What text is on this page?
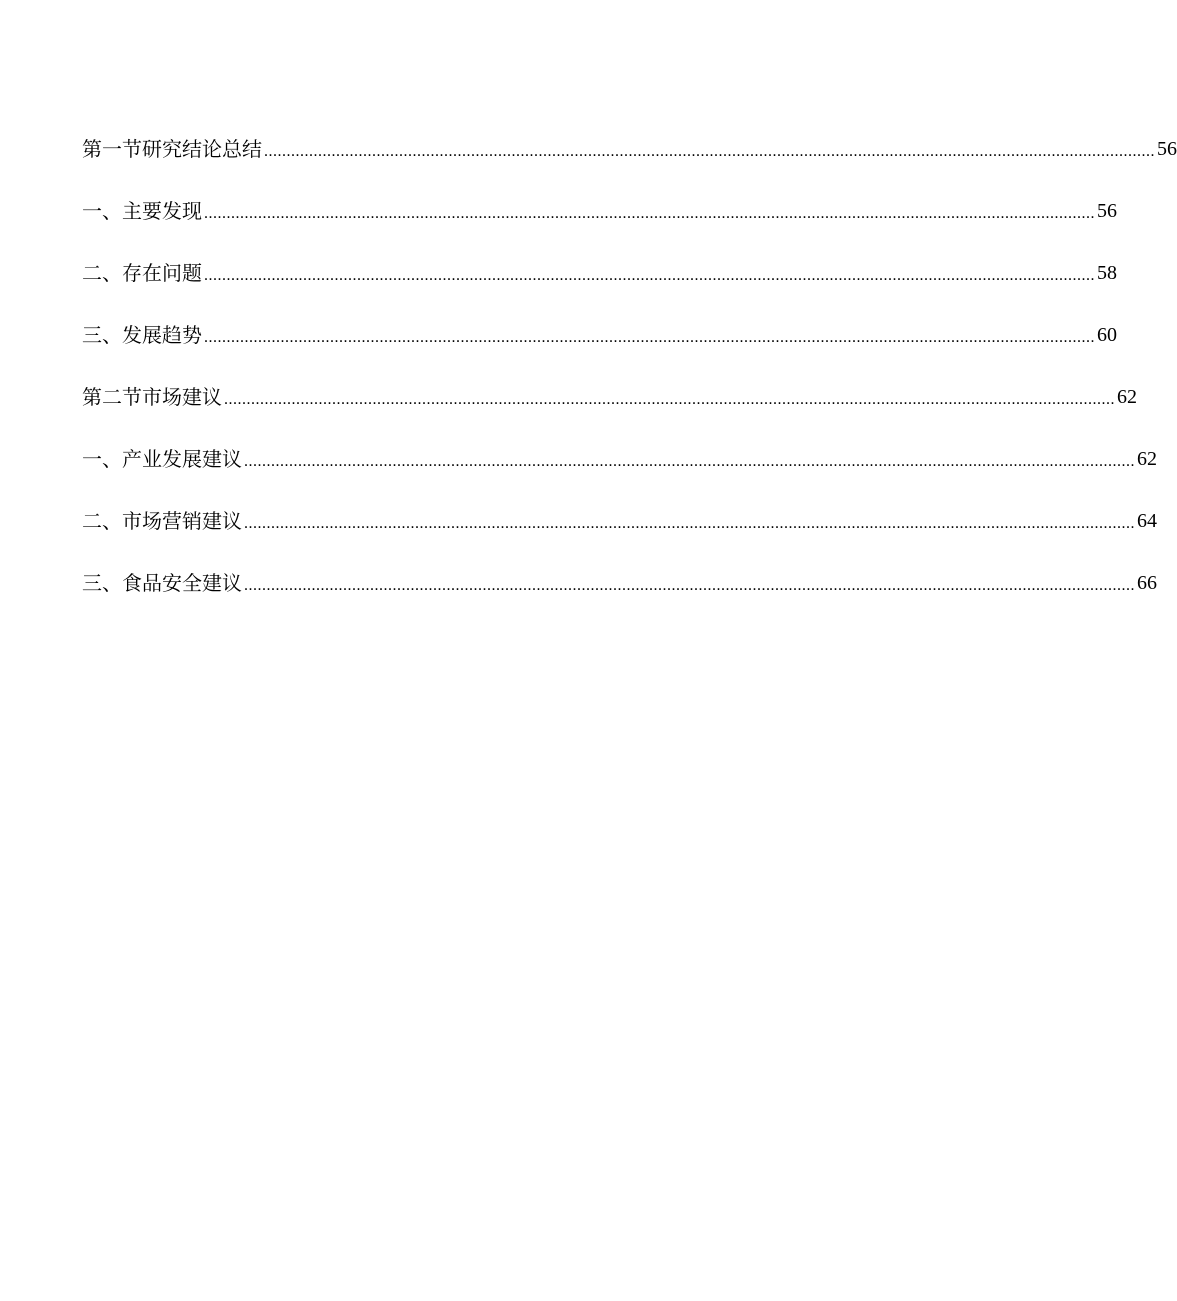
第一节研究结论总结 ...................................................................................................................................................................................................... 56
一、主要发现 ...................................................................................................................................................................................................... 56
二、存在问题 ...................................................................................................................................................................................................... 58
三、发展趋势 ...................................................................................................................................................................................................... 60
第二节市场建议 ...................................................................................................................................................................................................... 62
一、产业发展建议 ...................................................................................................................................................................................................... 62
二、市场营销建议 ...................................................................................................................................................................................................... 64
三、食品安全建议 ...................................................................................................................................................................................................... 66
